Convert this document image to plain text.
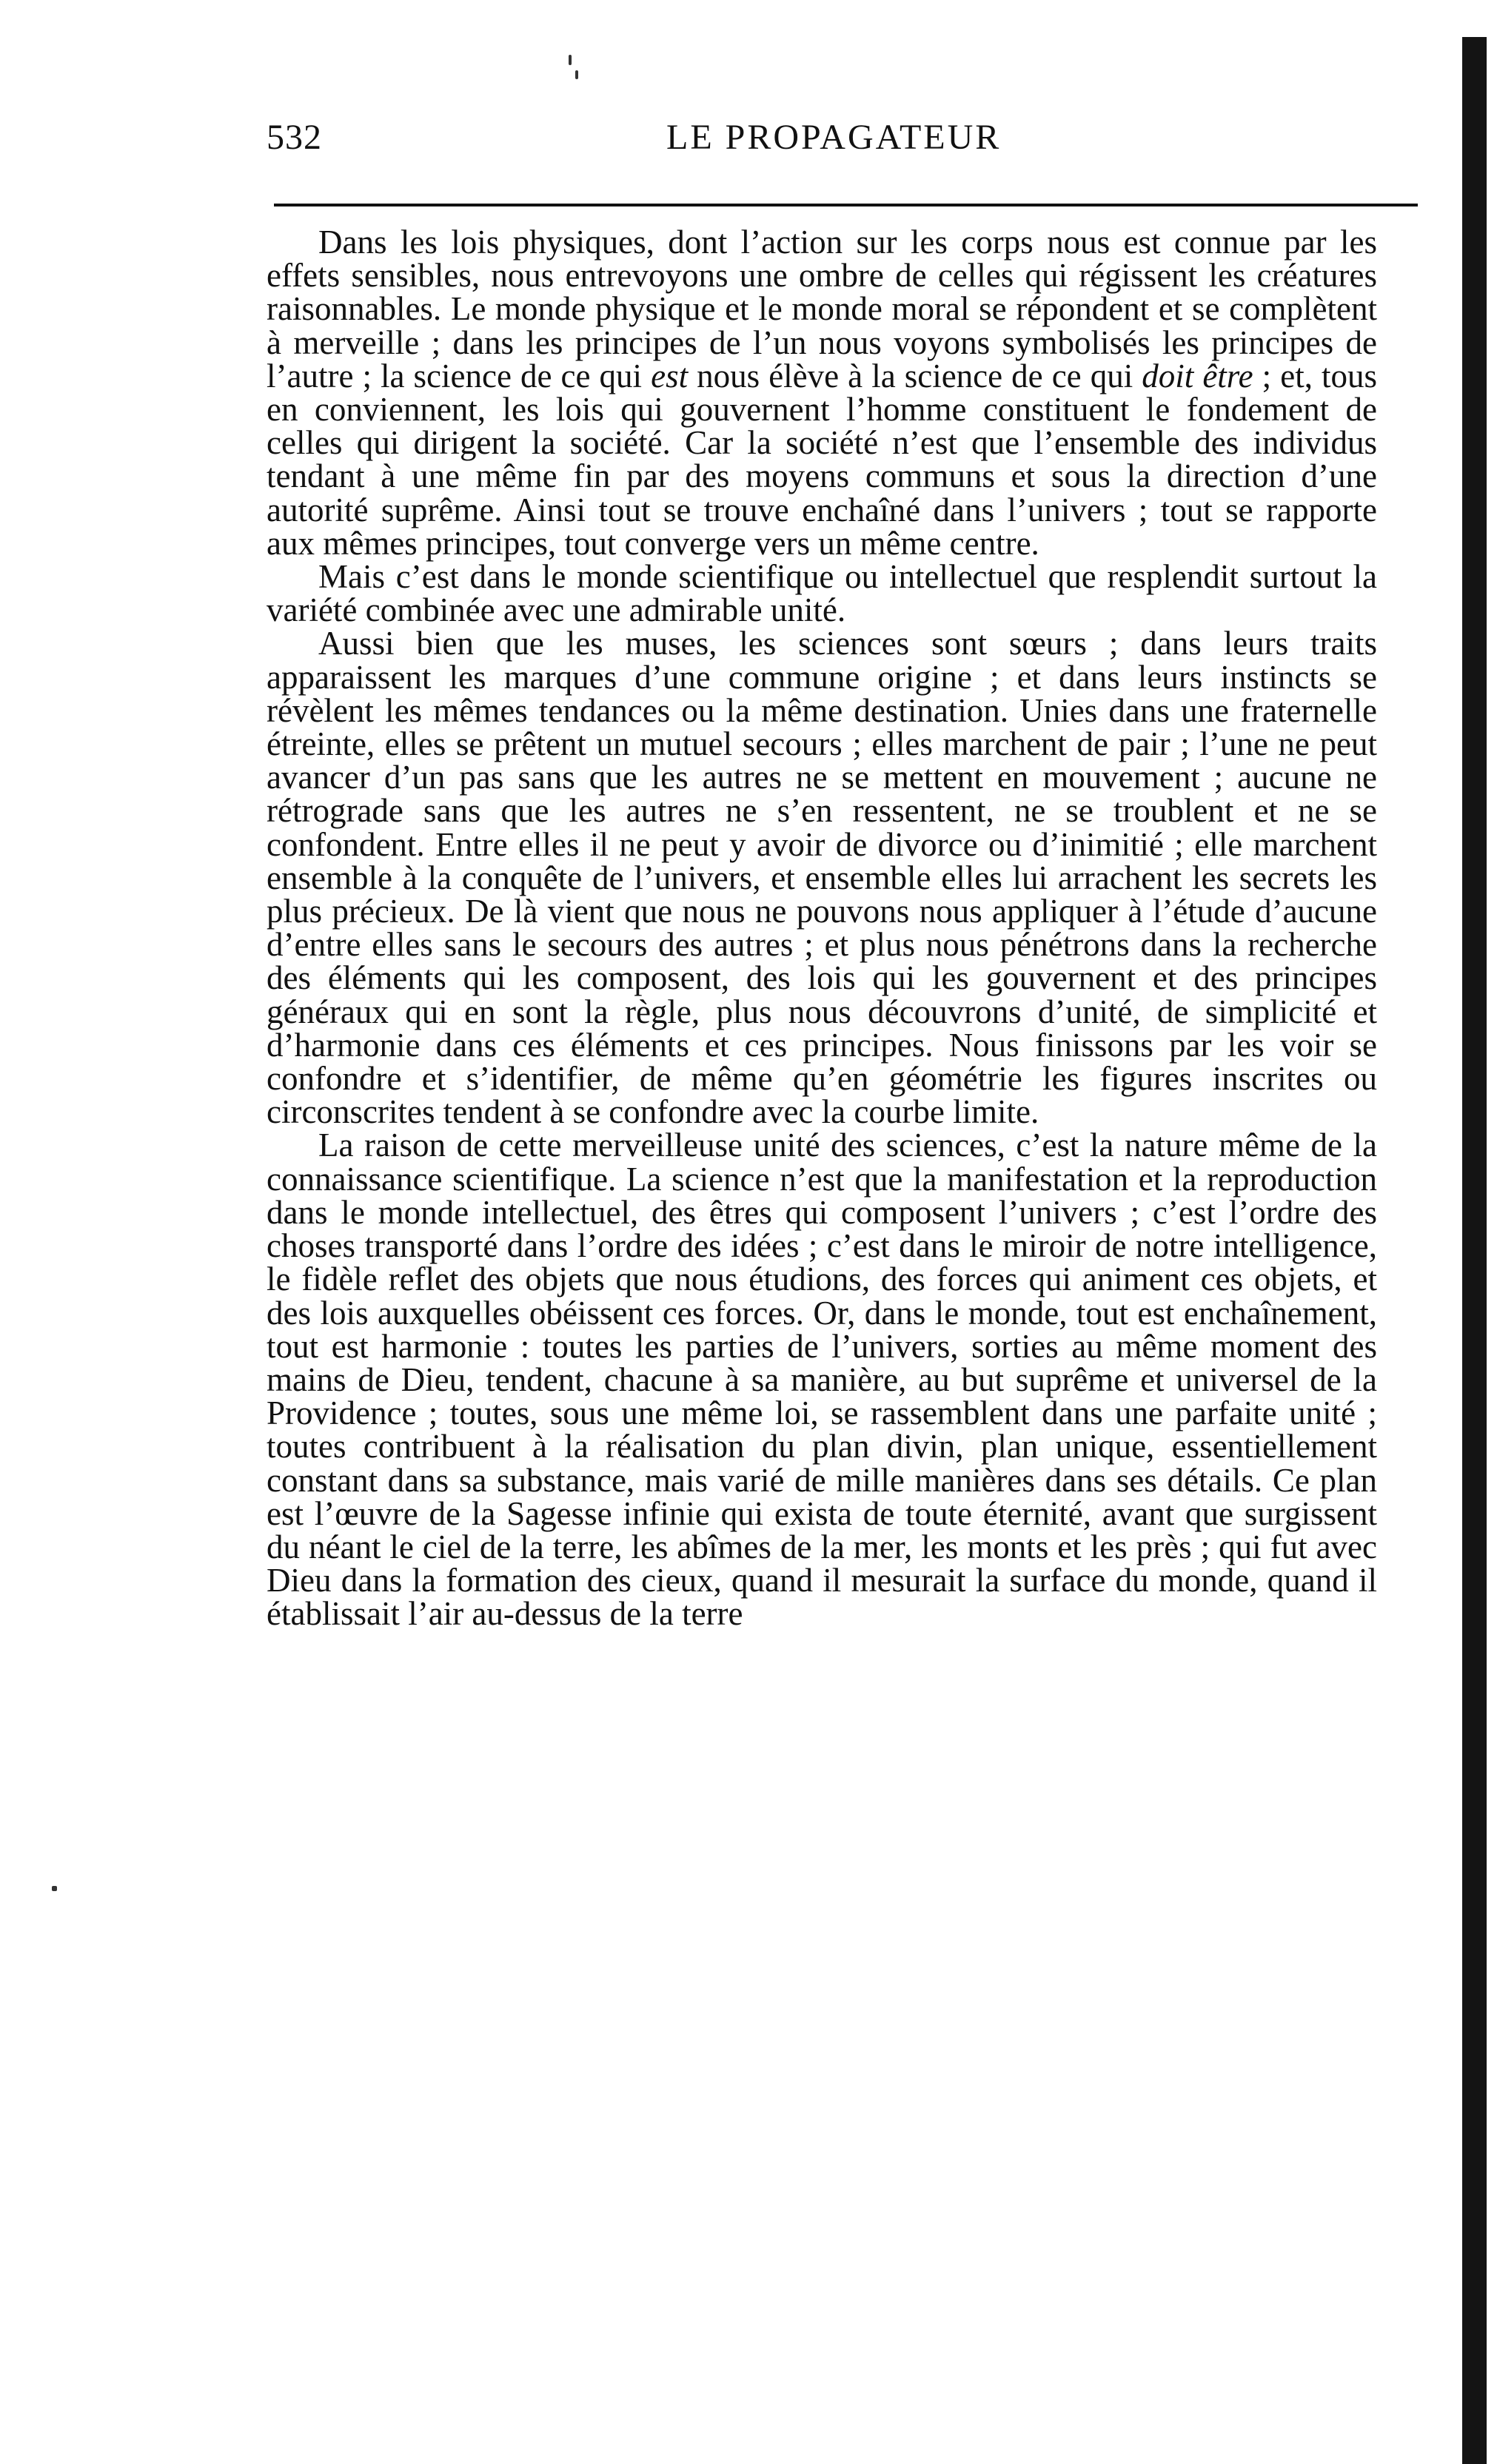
532	LE PROPAGATEUR

Dans les lois physiques, dont l’action sur les corps nous est connue par les effets sensibles, nous entrevoyons une ombre de celles qui régissent les créatures raisonnables. Le monde physique et le monde moral se répondent et se complètent à merveille ; dans les principes de l’un nous voyons symbolisés les principes de l’autre ; la science de ce qui est nous élève à la science de ce qui doit être ; et, tous en conviennent, les lois qui gouvernent l’homme constituent le fondement de celles qui dirigent la société. Car la société n’est que l’ensemble des individus tendant à une même fin par des moyens communs et sous la direction d’une autorité suprême. Ainsi tout se trouve enchaîné dans l’univers ; tout se rapporte aux mêmes principes, tout converge vers un même centre.

Mais c’est dans le monde scientifique ou intellectuel que resplendit surtout la variété combinée avec une admirable unité.

Aussi bien que les muses, les sciences sont sœurs ; dans leurs traits apparaissent les marques d’une commune origine ; et dans leurs instincts se révèlent les mêmes tendances ou la même destination. Unies dans une fraternelle étreinte, elles se prêtent un mutuel secours ; elles marchent de pair ; l’une ne peut avancer d’un pas sans que les autres ne se mettent en mouvement ; aucune ne rétrograde sans que les autres ne s’en ressentent, ne se troublent et ne se confondent. Entre elles il ne peut y avoir de divorce ou d’inimitié ; elle marchent ensemble à la conquête de l’univers, et ensemble elles lui arrachent les secrets les plus précieux. De là vient que nous ne pouvons nous appliquer à l’étude d’aucune d’entre elles sans le secours des autres ; et plus nous pénétrons dans la recherche des éléments qui les composent, des lois qui les gouvernent et des principes généraux qui en sont la règle, plus nous découvrons d’unité, de simplicité et d’harmonie dans ces éléments et ces principes. Nous finissons par les voir se confondre et s’identifier, de même qu’en géométrie les figures inscrites ou circonscrites tendent à se confondre avec la courbe limite.

La raison de cette merveilleuse unité des sciences, c’est la nature même de la connaissance scientifique. La science n’est que la manifestation et la reproduction dans le monde intellectuel, des êtres qui composent l’univers ; c’est l’ordre des choses transporté dans l’ordre des idées ; c’est dans le miroir de notre intelligence, le fidèle reflet des objets que nous étudions, des forces qui animent ces objets, et des lois auxquelles obéissent ces forces. Or, dans le monde, tout est enchaînement, tout est harmonie : toutes les parties de l’univers, sorties au même moment des mains de Dieu, tendent, chacune à sa manière, au but suprême et universel de la Providence ; toutes, sous une même loi, se rassemblent dans une parfaite unité ; toutes contribuent à la réalisation du plan divin, plan unique, essentiellement constant dans sa substance, mais varié de mille manières dans ses détails. Ce plan est l’œuvre de la Sagesse infinie qui exista de toute éternité, avant que surgissent du néant le ciel de la terre, les abîmes de la mer, les monts et les près ; qui fut avec Dieu dans la formation des cieux, quand il mesurait la surface du monde, quand il établissait l’air au-dessus de la terre
